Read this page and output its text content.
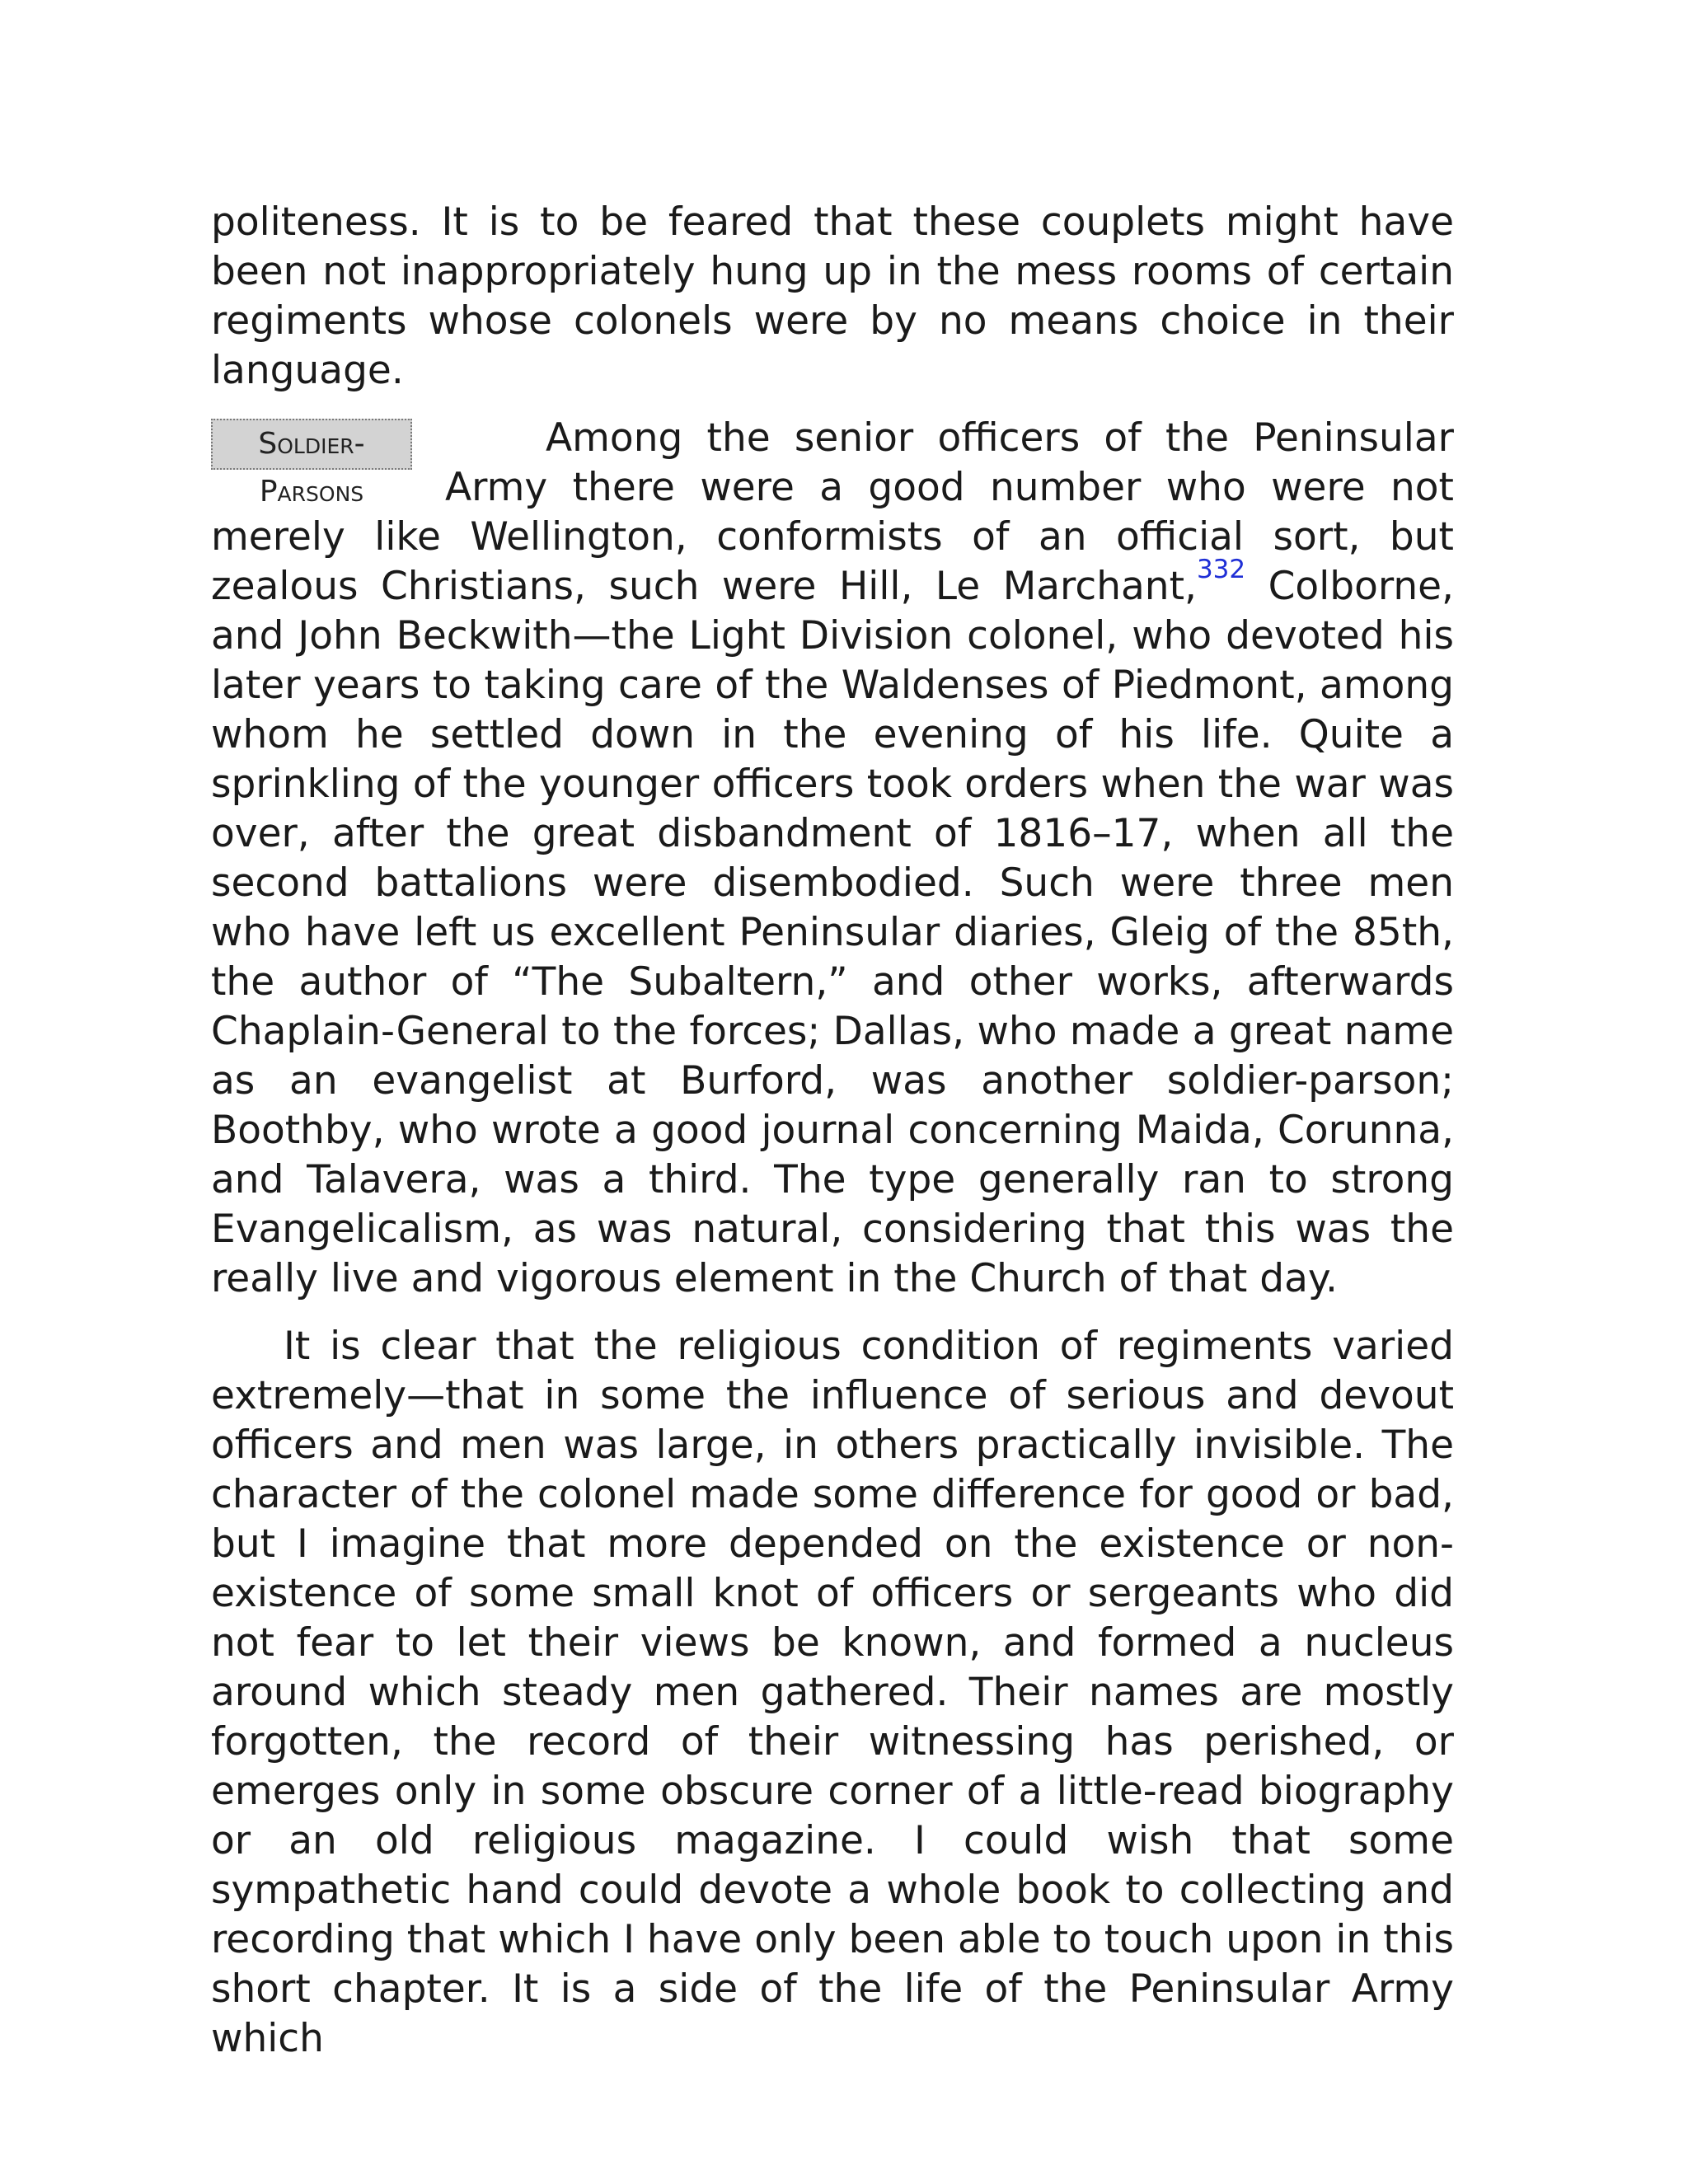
politeness. It is to be feared that these couplets might have been not inappropriately hung up in the mess rooms of certain regiments whose colonels were by no means choice in their language.

Soldier-Parsons
Among the senior officers of the Peninsular Army there were a good number who were not merely like Wellington, conformists of an official sort, but zealous Christians, such were Hill, Le Marchant,$^{332}$ Colborne, and John Beckwith—the Light Division colonel, who devoted his later years to taking care of the Waldenses of Piedmont, among whom he settled down in the evening of his life. Quite a sprinkling of the younger officers took orders when the war was over, after the great disbandment of 1816–17, when all the second battalions were disembodied. Such were three men who have left us excellent Peninsular diaries, Gleig of the 85th, the author of “The Subaltern,” and other works, afterwards Chaplain-General to the forces; Dallas, who made a great name as an evangelist at Burford, was another soldier-parson; Boothby, who wrote a good journal concerning Maida, Corunna, and Talavera, was a third. The type generally ran to strong Evangelicalism, as was natural, considering that this was the really live and vigorous element in the Church of that day.

It is clear that the religious condition of regiments varied extremely—that in some the influence of serious and devout officers and men was large, in others practically invisible. The character of the colonel made some difference for good or bad, but I imagine that more depended on the existence or non-existence of some small knot of officers or sergeants who did not fear to let their views be known, and formed a nucleus around which steady men gathered. Their names are mostly forgotten, the record of their witnessing has perished, or emerges only in some obscure corner of a little-read biography or an old religious magazine. I could wish that some sympathetic hand could devote a whole book to collecting and recording that which I have only been able to touch upon in this short chapter. It is a side of the life of the Peninsular Army which
